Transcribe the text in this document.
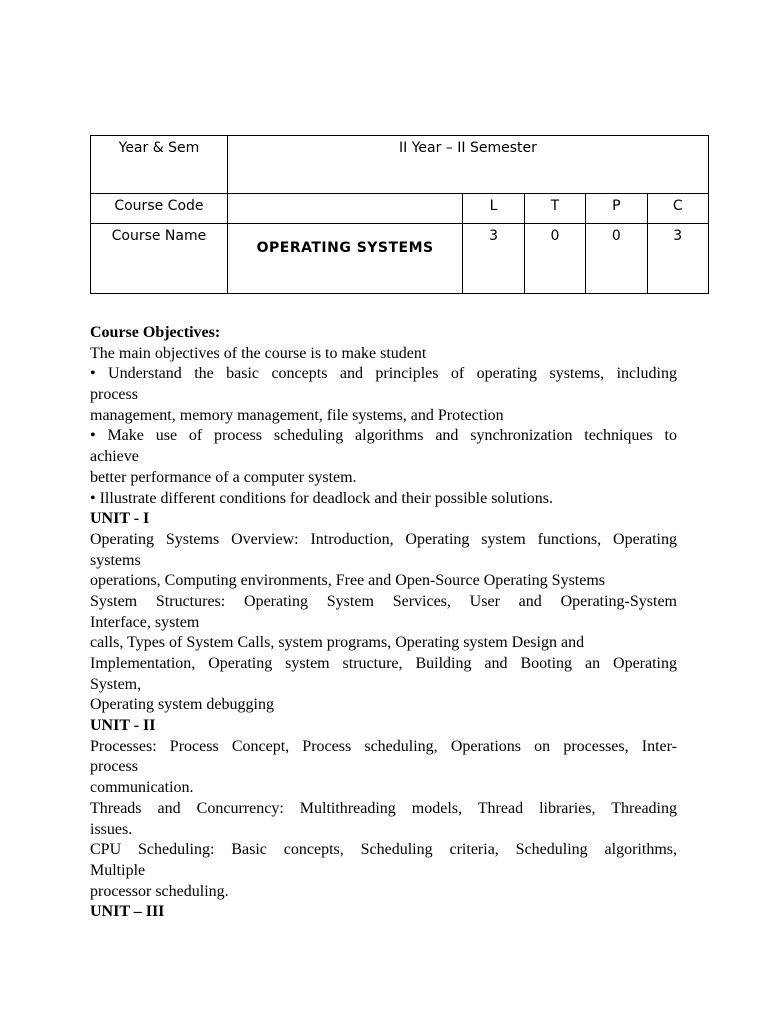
Year & Sem	II Year – II Semester				
Course Code		L	T	P	C
Course Name	OPERATING SYSTEMS	3	0	0	3
Course Objectives:
The main objectives of the course is to make student
• Understand the basic concepts and principles of operating systems, including
process
management, memory management, file systems, and Protection
• Make use of process scheduling algorithms and synchronization techniques to
achieve
better performance of a computer system.
• Illustrate different conditions for deadlock and their possible solutions.
UNIT - I
Operating Systems Overview: Introduction, Operating system functions, Operating
systems
operations, Computing environments, Free and Open-Source Operating Systems
System Structures: Operating System Services, User and Operating-System
Interface, system
calls, Types of System Calls, system programs, Operating system Design and
Implementation, Operating system structure, Building and Booting an Operating
System,
Operating system debugging
UNIT - II
Processes: Process Concept, Process scheduling, Operations on processes, Inter-
process
communication.
Threads and Concurrency: Multithreading models, Thread libraries, Threading
issues.
CPU Scheduling: Basic concepts, Scheduling criteria, Scheduling algorithms,
Multiple
processor scheduling.
UNIT – III
